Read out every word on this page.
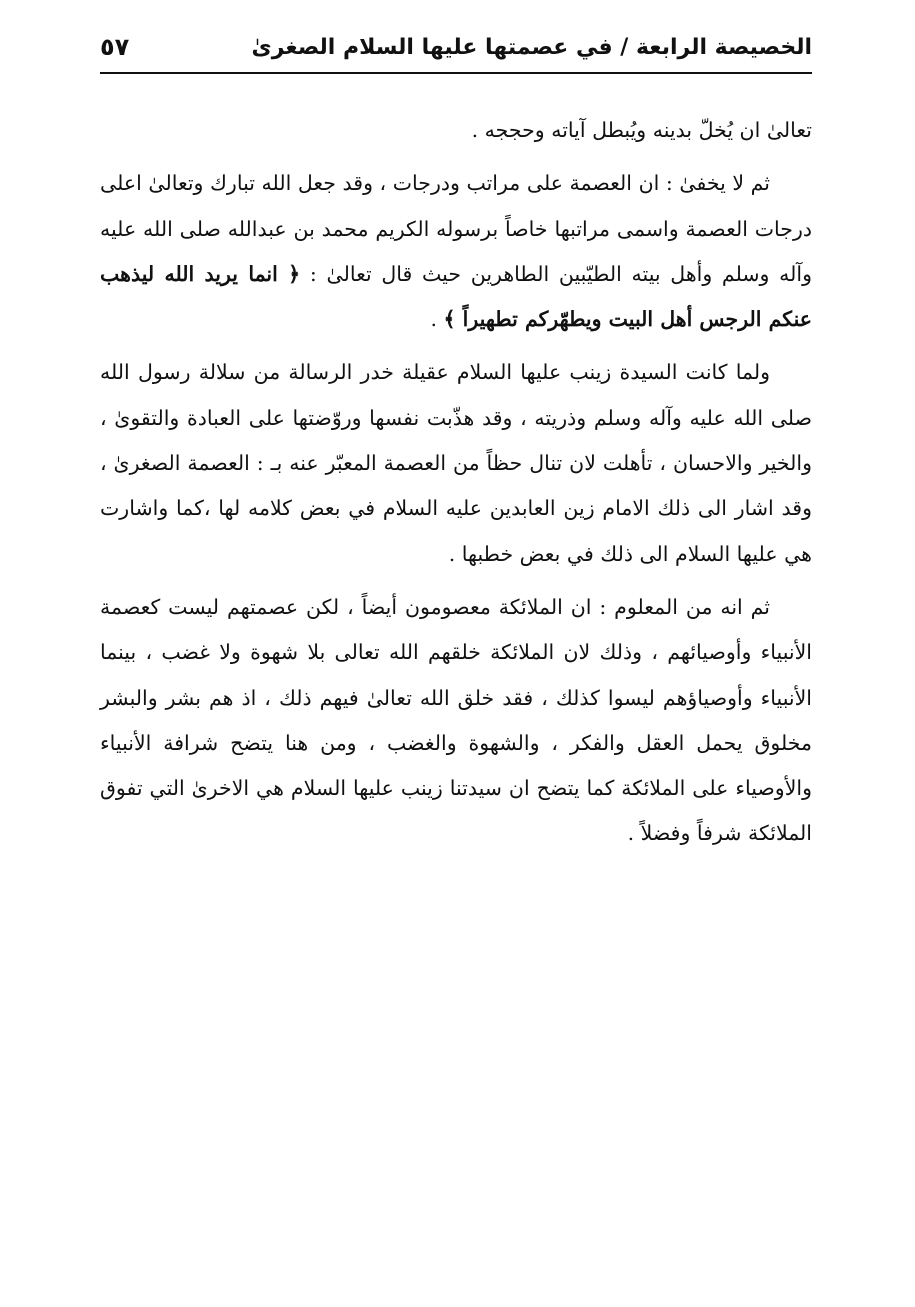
الخصيصة الرابعة / في عصمتها عليها السلام الصغرىٰ
٥٧

تعالىٰ ان يُخلّ بدينه ويُبطل آياته وحججه .

ثم لا يخفىٰ : ان العصمة على مراتب ودرجات ، وقد جعل الله تبارك وتعالىٰ اعلى درجات العصمة واسمى مراتبها خاصاً برسوله الكريم محمد بن عبدالله صلى الله عليه وآله وسلم وأهل بيته الطيّبين الطاهرين حيث قال تعالىٰ : ﴿ انما يريد الله ليذهب عنكم الرجس أهل البيت ويطهّركم تطهيراً ﴾ .

ولما كانت السيدة زينب عليها السلام عقيلة خدر الرسالة من سلالة رسول الله صلى الله عليه وآله وسلم وذريته ، وقد هذّبت نفسها وروّضتها على العبادة والتقوىٰ ، والخير والاحسان ، تأهلت لان تنال حظاً من العصمة المعبّر عنه بـ : العصمة الصغرىٰ ، وقد اشار الى ذلك الامام زين العابدين عليه السلام في بعض كلامه لها ،كما واشارت هي عليها السلام الى ذلك في بعض خطبها .

ثم انه من المعلوم : ان الملائكة معصومون أيضاً ، لكن عصمتهم ليست كعصمة الأنبياء وأوصيائهم ، وذلك لان الملائكة خلقهم الله تعالى بلا شهوة ولا غضب ، بينما الأنبياء وأوصياؤهم ليسوا كذلك ، فقد خلق الله تعالىٰ فيهم ذلك ، اذ هم بشر والبشر مخلوق يحمل العقل والفكر ، والشهوة والغضب ، ومن هنا يتضح شرافة الأنبياء والأوصياء على الملائكة كما يتضح ان سيدتنا زينب عليها السلام هي الاخرىٰ التي تفوق الملائكة شرفاً وفضلاً .
